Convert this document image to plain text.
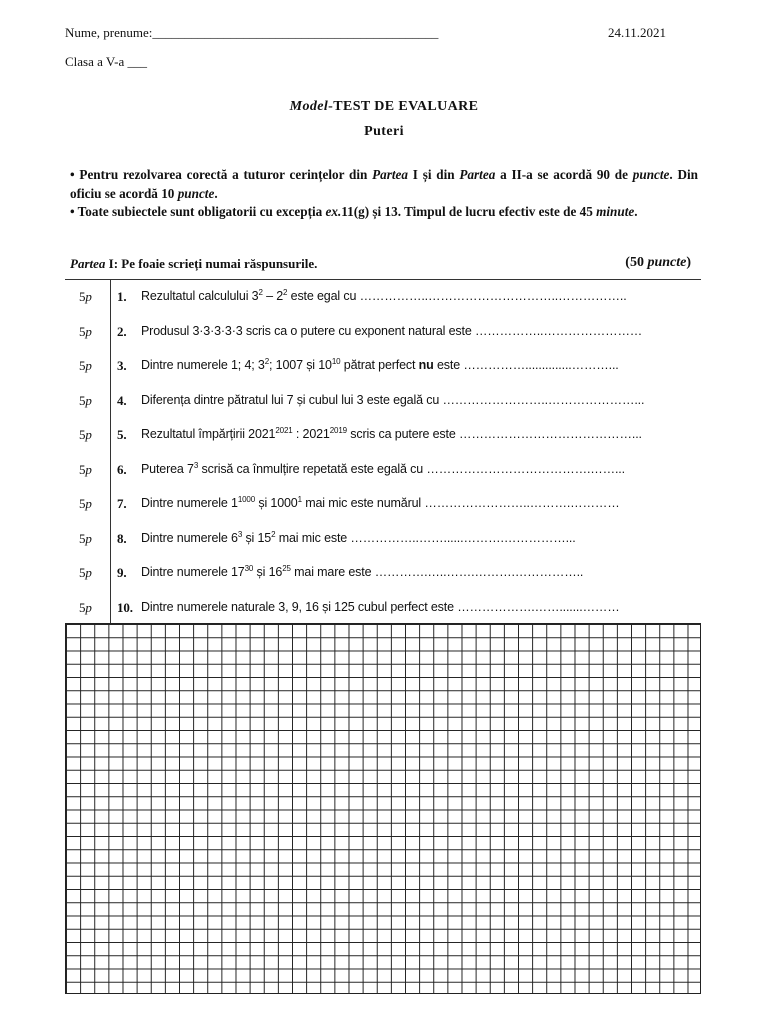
Nume, prenume:____________________________________________	24.11.2021
Clasa a V-a ___
Model-TEST DE EVALUARE
Puteri
• Pentru rezolvarea corectă a tuturor cerințelor din Partea I și din Partea a II-a se acordă 90 de puncte. Din oficiu se acordă 10 puncte.
• Toate subiectele sunt obligatorii cu excepția ex.11(g) și 13. Timpul de lucru efectiv este de 45 minute.
Partea I: Pe foaie scrieți numai răspunsurile.	(50 puncte)
5p 1. Rezultatul calculului $3^2 - 2^2$ este egal cu ……………..…………………………..……………..
5p 2. Produsul 3·3·3·3·3 scris ca o putere cu exponent natural este ……………..……………………
5p 3. Dintre numerele 1; 4; $3^2$; 1007 și $10^{10}$ pătrat perfect nu este ……………..............………...
5p 4. Diferența dintre pătratul lui 7 și cubul lui 3 este egală cu ……………………..…………………...
5p 5. Rezultatul împărțirii $2021^{2021}$ : $2021^{2019}$ scris ca putere este ……………………………………...
5p 6. Puterea $7^3$ scrisă ca înmulțire repetată este egală cu ………………………………….……...
5p 7. Dintre numerele $1^{1000}$ și 1000$^1$ mai mic este numărul ……………………..……….…………
5p 8. Dintre numerele $6^3$ și $15^2$ mai mic este ……………..……......……….……………...
5p 9. Dintre numerele $17^{30}$ și $16^{25}$ mai mare este ………….…..…….……….……………..
5p 10. Dintre numerele naturale 3, 9, 16 și 125 cubul perfect este ……………….…….......………
